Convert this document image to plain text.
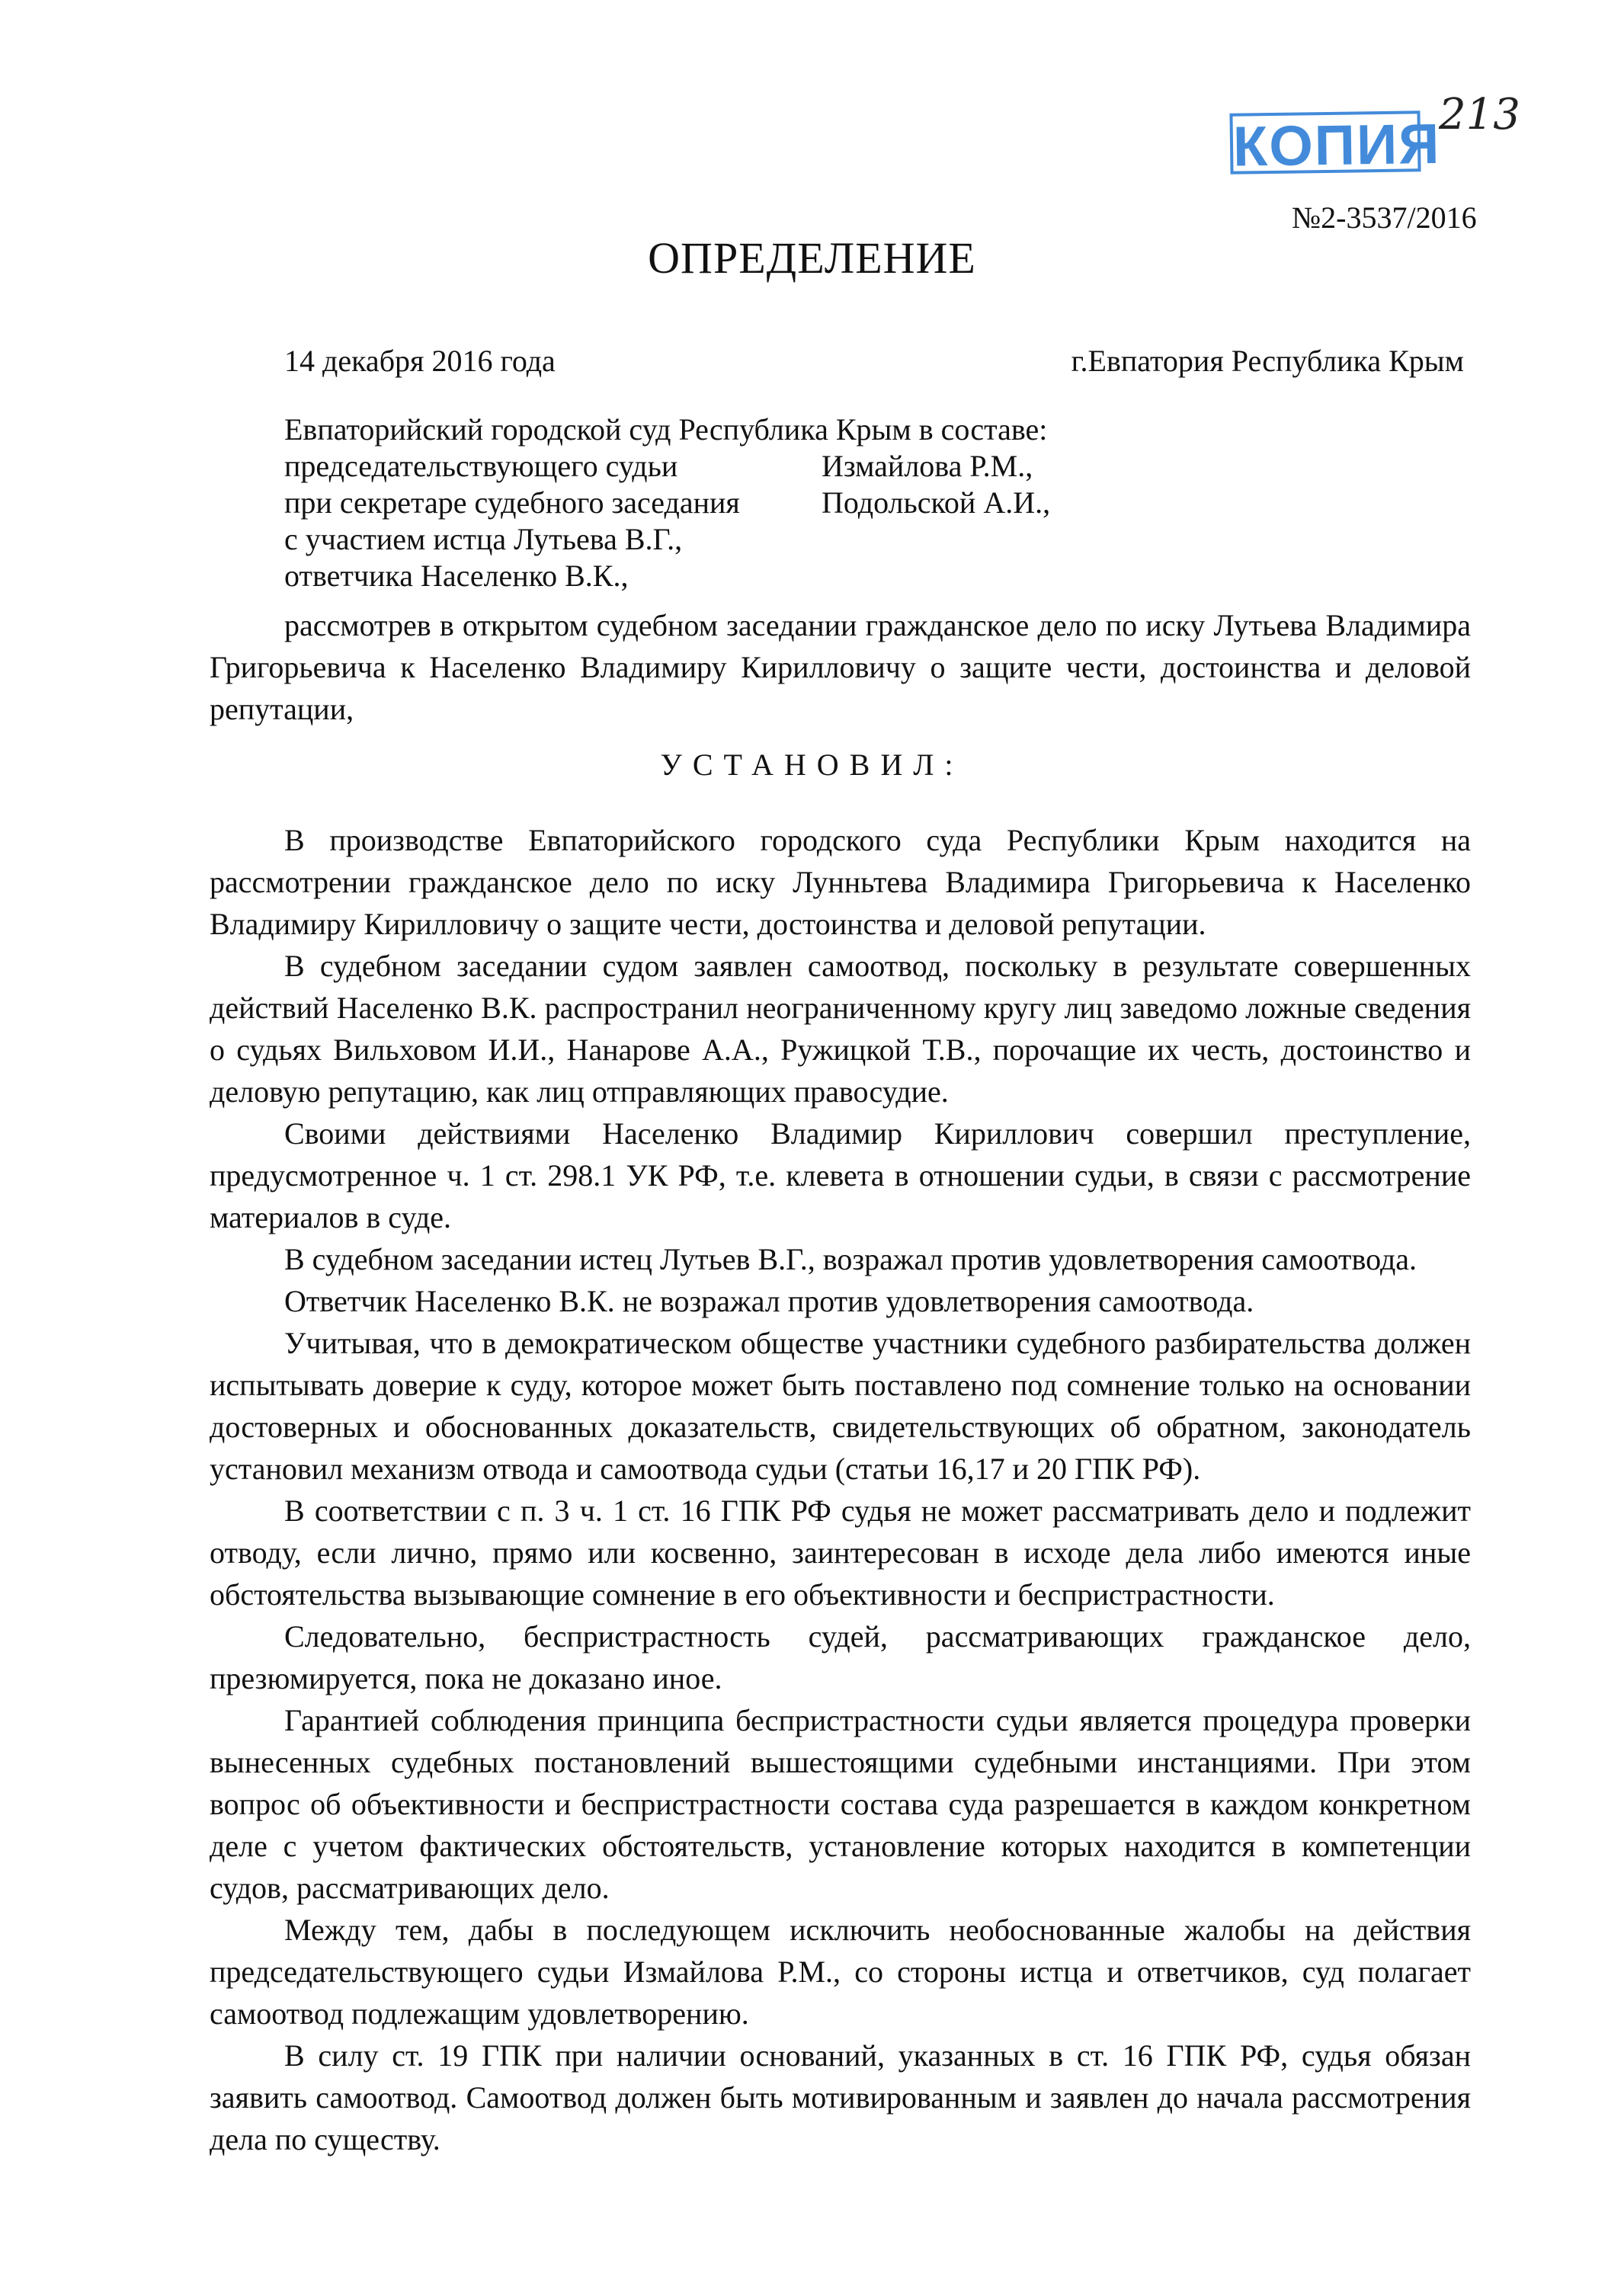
КОПИЯ
213
№2-3537/2016
ОПРЕДЕЛЕНИЕ
14 декабря 2016 года	г.Евпатория Республика Крым
Евпаторийский городской суд Республика Крым в составе:
председательствующего судьи	Измайлова Р.М.,
при секретаре судебного заседания	Подольской А.И.,
с участием истца Лутьева В.Г.,
ответчика Населенко В.К.,

рассмотрев в открытом судебном заседании гражданское дело по иску Лутьева Владимира Григорьевича к Населенко Владимиру Кирилловичу о защите чести, достоинства и деловой репутации,

УСТАНОВИЛ:

В производстве Евпаторийского городского суда Республики Крым находится на рассмотрении гражданское дело по иску Лунньтева Владимира Григорьевича к Населенко Владимиру Кирилловичу о защите чести, достоинства и деловой репутации.

В судебном заседании судом заявлен самоотвод, поскольку в результате совершенных действий Населенко В.К. распространил неограниченному кругу лиц заведомо ложные сведения о судьях Вильховом И.И., Нанарове А.А., Ружицкой Т.В., порочащие их честь, достоинство и деловую репутацию, как лиц отправляющих правосудие.

Своими действиями Населенко Владимир Кириллович совершил преступление, предусмотренное ч. 1 ст. 298.1 УК РФ, т.е. клевета в отношении судьи, в связи с рассмотрение материалов в суде.

В судебном заседании истец Лутьев В.Г., возражал против удовлетворения самоотвода.

Ответчик Населенко В.К. не возражал против удовлетворения самоотвода.

Учитывая, что в демократическом обществе участники судебного разбирательства должен испытывать доверие к суду, которое может быть поставлено под сомнение только на основании достоверных и обоснованных доказательств, свидетельствующих об обратном, законодатель установил механизм отвода и самоотвода судьи (статьи 16,17 и 20 ГПК РФ).

В соответствии с п. 3 ч. 1 ст. 16 ГПК РФ судья не может рассматривать дело и подлежит отводу, если лично, прямо или косвенно, заинтересован в исходе дела либо имеются иные обстоятельства вызывающие сомнение в его объективности и беспристрастности.

Следовательно, беспристрастность судей, рассматривающих гражданское дело, презюмируется, пока не доказано иное.

Гарантией соблюдения принципа беспристрастности судьи является процедура проверки вынесенных судебных постановлений вышестоящими судебными инстанциями. При этом вопрос об объективности и беспристрастности состава суда разрешается в каждом конкретном деле с учетом фактических обстоятельств, установление которых находится в компетенции судов, рассматривающих дело.

Между тем, дабы в последующем исключить необоснованные жалобы на действия председательствующего судьи Измайлова Р.М., со стороны истца и ответчиков, суд полагает самоотвод подлежащим удовлетворению.

В силу ст. 19 ГПК при наличии оснований, указанных в ст. 16 ГПК РФ, судья обязан заявить самоотвод. Самоотвод должен быть мотивированным и заявлен до начала рассмотрения дела по существу.
